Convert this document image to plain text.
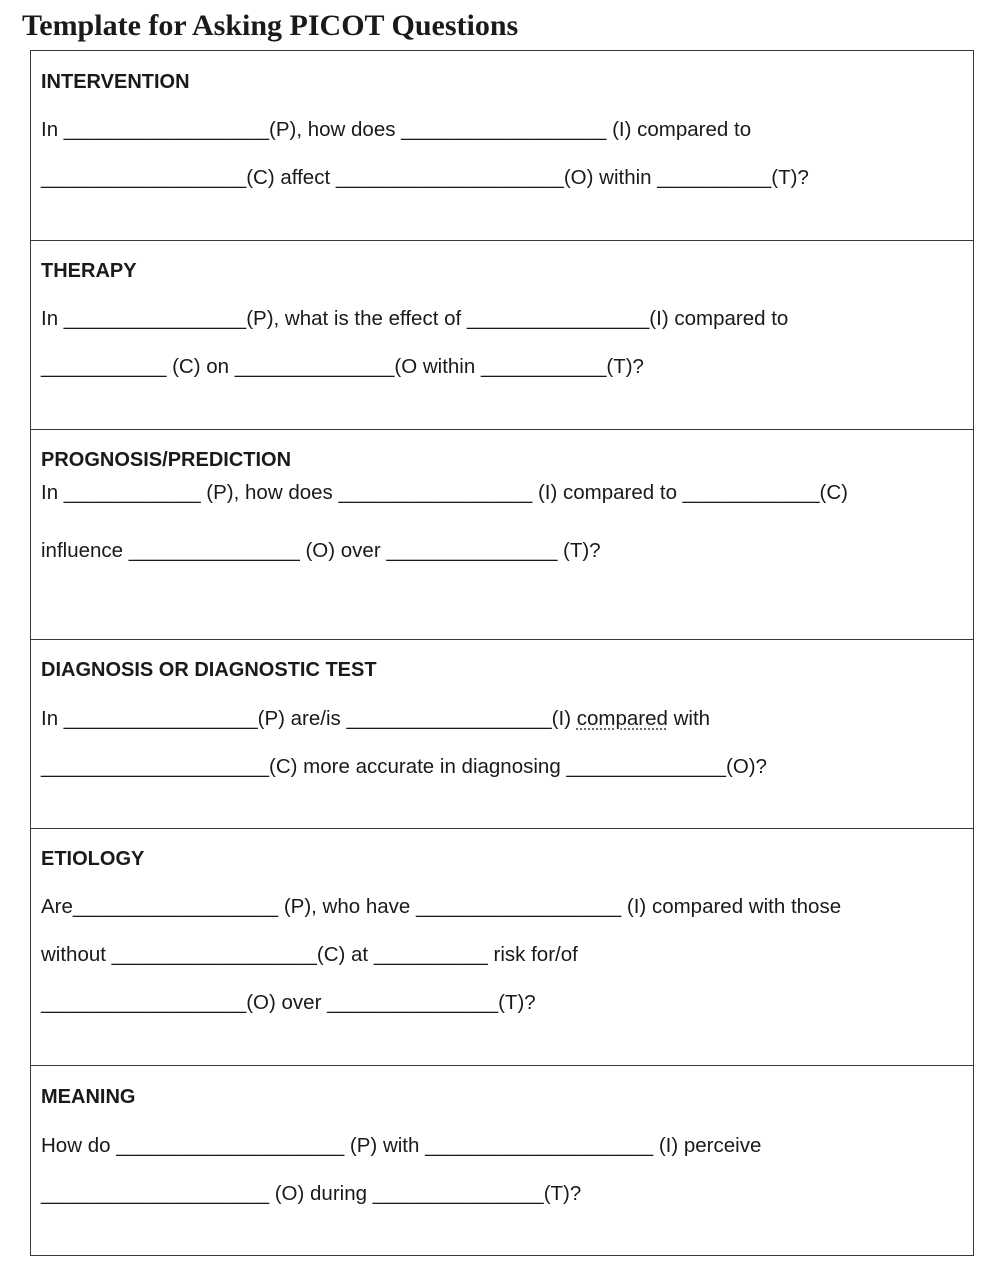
Template for Asking PICOT Questions
INTERVENTION
In __________________(P), how does __________________ (I) compared to
__________________(C) affect ____________________(O) within __________(T)?
THERAPY
In ________________(P), what is the effect of ________________(I) compared to
___________ (C) on ______________(O within ___________(T)?
PROGNOSIS/PREDICTION
In ____________ (P), how does _________________ (I) compared to ____________(C)
influence _______________ (O) over _______________ (T)?
DIAGNOSIS OR DIAGNOSTIC TEST
In _________________(P) are/is __________________(I) compared with
____________________(C) more accurate in diagnosing ______________(O)?
ETIOLOGY
Are__________________ (P), who have __________________ (I) compared with those
without __________________(C) at __________ risk for/of
__________________(O) over _______________(T)?
MEANING
How do ____________________ (P) with ____________________ (I) perceive
____________________ (O) during _______________(T)?
